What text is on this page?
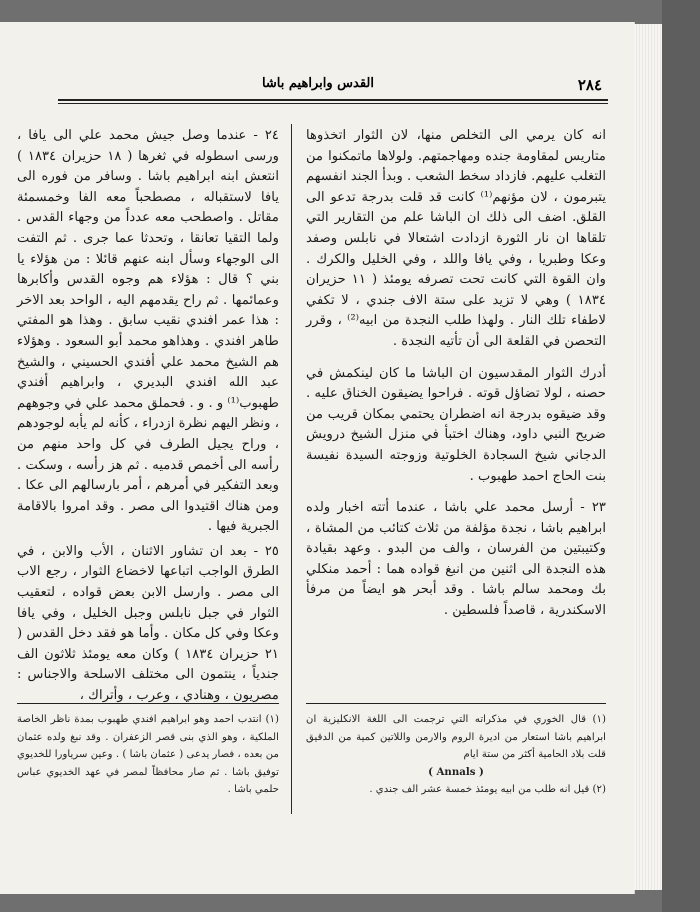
٢٨٤
القدس وابراهيم باشا

انه كان يرمي الى التخلص منها، لان الثوار اتخذوها متاريس لمقاومة جنده ومهاجمتهم. ولولاها ماتمكنوا من التغلب عليهم. فازداد سخط الشعب . وبدأ الجند انفسهم يتبرمون ، لان مؤنهم⁽¹⁾ كانت قد قلت بدرجة تدعو الى القلق. اضف الى ذلك ان الباشا علم من التقارير التي تلقاها ان نار الثورة ازدادت اشتعالا في نابلس وصفد وعكا وطبريا ، وفي يافا واللد ، وفي الخليل والكرك . وان القوة التي كانت تحت تصرفه يومئذ ( ١١ حزيران ١٨٣٤ ) وهي لا تزيد على ستة الاف جندي ، لا تكفي لاطفاء تلك النار . ولهذا طلب النجدة من ابيه⁽²⁾ ، وقرر التحصن في القلعة الى أن تأتيه النجدة .

أدرك الثوار المقدسيون ان الباشا ما كان لينكمش في حصنه ، لولا تضاؤل قوته . فراحوا يضيقون الخناق عليه . وقد ضيقوه بدرجة انه اضطران يحتمي بمكان قريب من ضريح النبي داود، وهناك اختبأ في منزل الشيخ درويش الدجاني شيخ السجادة الخلوتية وزوجته السيدة نفيسة بنت الحاج احمد طهبوب .

٢٣ - أرسل محمد علي باشا ، عندما أتته اخبار ولده ابراهيم باشا ، نجدة مؤلفة من ثلاث كتائب من المشاة ، وكتيبتين من الفرسان ، والف من البدو . وعهد بقيادة هذه النجدة الى اثنين من انبغ قواده هما : أحمد منكلي بك ومحمد سالم باشا . وقد أبحر هو ايضاً من مرفأ الاسكندرية ، قاصداً فلسطين .

٢٤ - عندما وصل جيش محمد علي الى يافا ، ورسى اسطوله في ثغرها ( ١٨ حزيران ١٨٣٤ ) انتعش ابنه ابراهيم باشا . وسافر من فوره الى يافا لاستقباله ، مصطحباً معه الفا وخمسمئة مقاتل . واصطحب معه عدداً من وجهاء القدس . ولما التقيا تعانقا ، وتحدثا عما جرى . ثم التفت الى الوجهاء وسأل ابنه عنهم قائلا : من هؤلاء يا بني ؟ قال : هؤلاء هم وجوه القدس وأكابرها وعمائمها . ثم راح يقدمهم اليه ، الواحد بعد الاخر : هذا عمر افندي نقيب سابق . وهذا هو المفتي طاهر افندي . وهذاهو محمد أبو السعود . وهؤلاء هم الشيخ محمد علي أفندي الحسيني ، والشيخ عبد الله افندي البديري ، وابراهيم أفندي طهبوب⁽¹⁾ و . و . فحملق محمد علي في وجوههم ، ونظر اليهم نظرة ازدراء ، كأنه لم يأبه لوجودهم ، وراح يجيل الطرف في كل واحد منهم من رأسه الى أخمص قدميه . ثم هز رأسه ، وسكت . وبعد التفكير في أمرهم ، أمر بارسالهم الى عكا . ومن هناك اقتيدوا الى مصر . وقد امروا بالاقامة الجبرية فيها .

٢٥ - بعد ان تشاور الاثنان ، الأب والابن ، في الطرق الواجب اتباعها لاخضاع الثوار ، رجع الاب الى مصر . وارسل الابن بعض قواده ، لتعقيب الثوار في جبل نابلس وجبل الخليل ، وفي يافا وعكا وفي كل مكان . وأما هو فقد دخل القدس ( ٢١ حزيران ١٨٣٤ ) وكان معه يومئذ ثلاثون الف جندياً ، ينتمون الى مختلف الاسلحة والاجناس : مصريون ، وهنادي ، وعرب ، وأتراك ،

(١) قال الخوري في مذكراته التي ترجمت الى اللغة الانكليزية ان ابراهيم باشا استعار من اديرة الروم والارمن واللاتين كمية من الدقيق قلت بلاد الحامية أكثر من ستة ايام

( Annals )

(٢) قيل انه طلب من ابيه يومئذ خمسة عشر الف جندي .

(١) انتدب احمد وهو ابراهيم افندي طهبوب بمدة ناظر الخاصة الملكية ، وهو الذي بنى قصر الزعفران . وقد نبغ ولده عثمان من بعده ، فصار يدعى ( عثمان باشا ) . وعين سرياورا للخديوي توفيق باشا . ثم صار محافظاً لمصر في عهد الخديوي عباس حلمي باشا .
